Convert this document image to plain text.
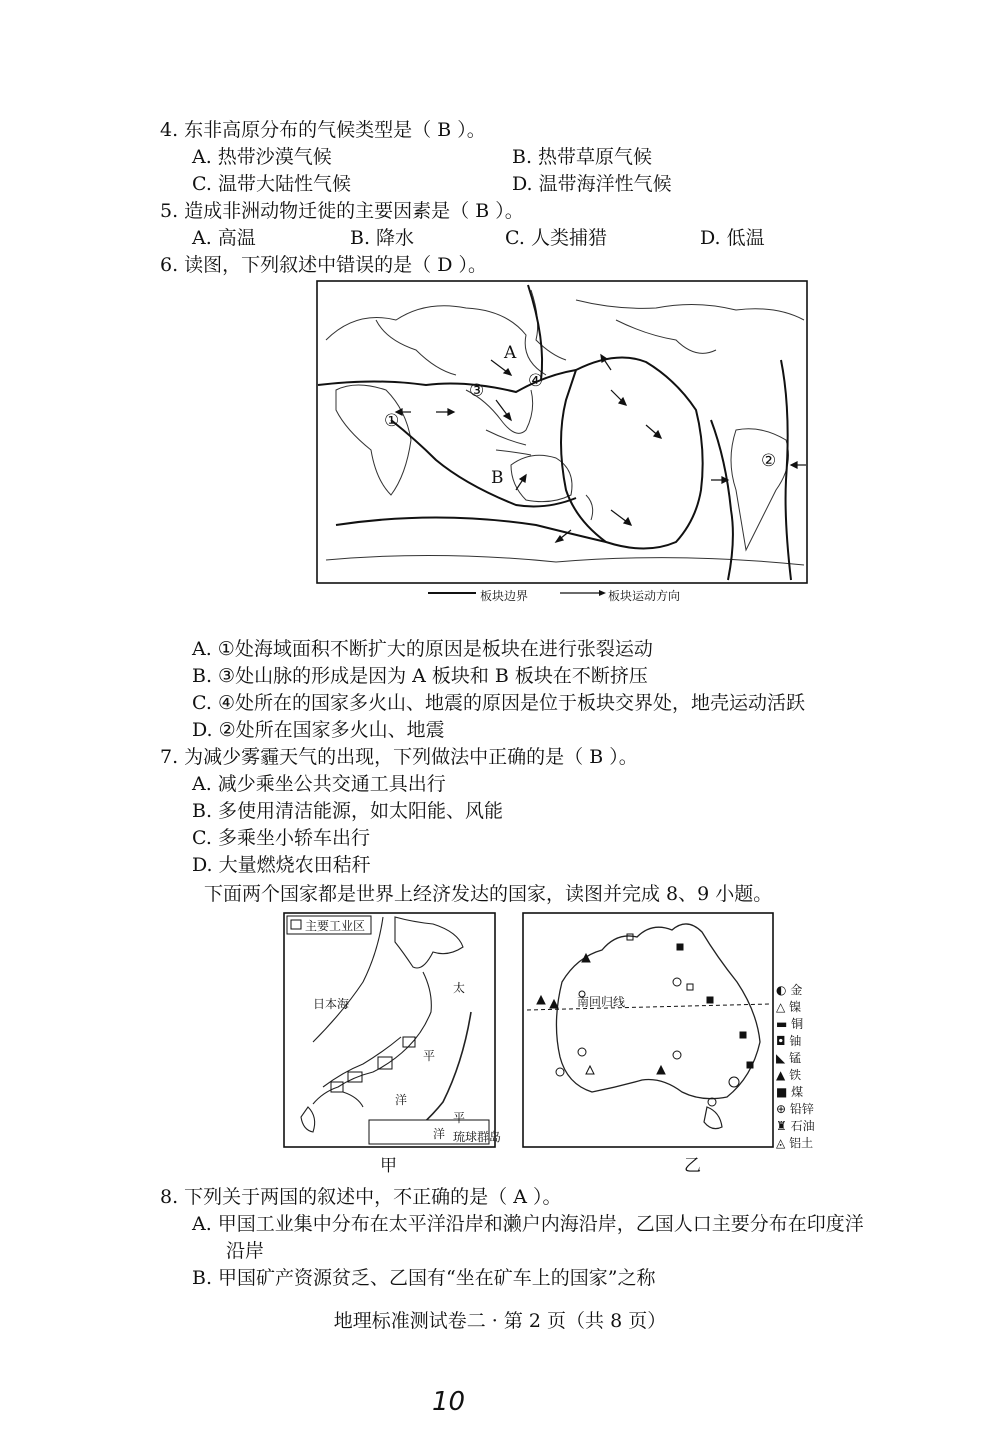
4. 东非高原分布的气候类型是（ B ）。
A. 热带沙漠气候	B. 热带草原气候
C. 温带大陆性气候	D. 温带海洋性气候
5. 造成非洲动物迁徙的主要因素是（ B ）。
A. 高温	B. 降水	C. 人类捕猎	D. 低温
6. 读图，下列叙述中错误的是（ D ）。
A
B
①
②
③	④
板块边界	板块运动方向
A. ①处海域面积不断扩大的原因是板块在进行张裂运动
B. ③处山脉的形成是因为 A 板块和 B 板块在不断挤压
C. ④处所在的国家多火山、地震的原因是位于板块交界处，地壳运动活跃
D. ②处所在国家多火山、地震
7. 为减少雾霾天气的出现，下列做法中正确的是（ B ）。
A. 减少乘坐公共交通工具出行
B. 多使用清洁能源，如太阳能、风能
C. 多乘坐小轿车出行
D. 大量燃烧农田秸秆
下面两个国家都是世界上经济发达的国家，读图并完成 8、9 小题。
主要工业区
日本海
太
平
洋
平
洋 琉球群岛
甲
南回归线
◐ 金
△ 镍
▬ 铜
◘ 铀
◣ 锰
▲ 铁
■ 煤
⊕ 铅锌
♜ 石油
◬ 铝土
乙
8. 下列关于两国的叙述中，不正确的是（ A ）。
A. 甲国工业集中分布在太平洋沿岸和濑户内海沿岸，乙国人口主要分布在印度洋
沿岸
B. 甲国矿产资源贫乏、乙国有“坐在矿车上的国家”之称
地理标准测试卷二 · 第 2 页（共 8 页）
10
